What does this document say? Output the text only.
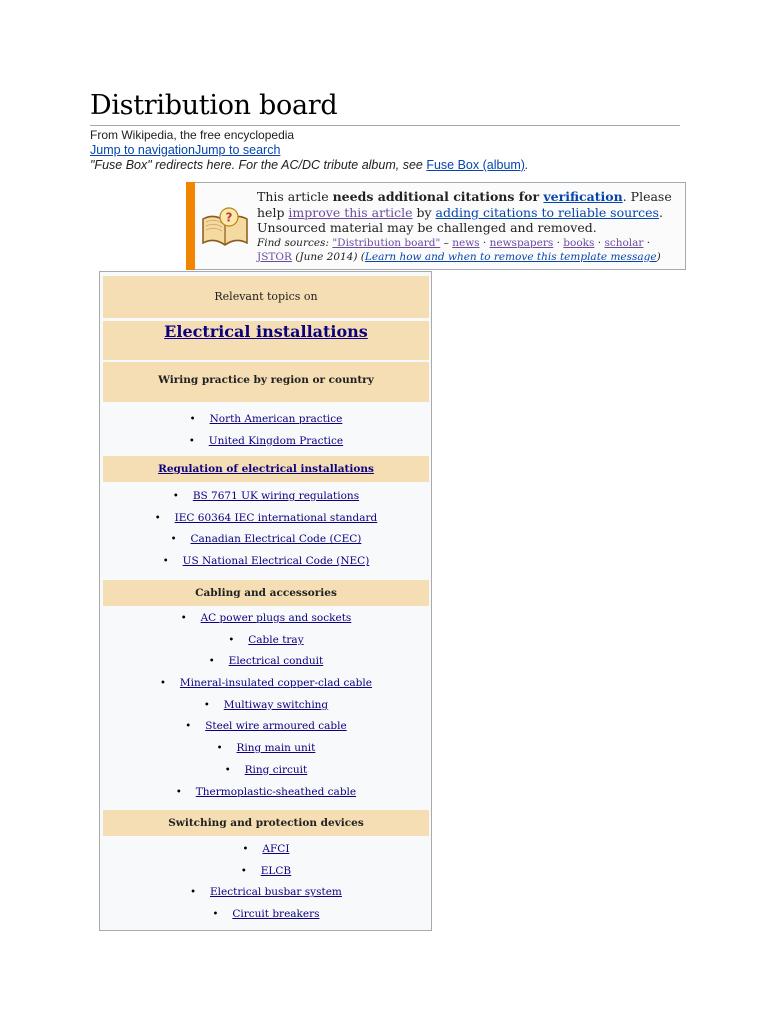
Distribution board
From Wikipedia, the free encyclopedia
Jump to navigationJump to search
"Fuse Box" redirects here. For the AC/DC tribute album, see Fuse Box (album).
?
This article needs additional citations for verification. Please help improve this article by adding citations to reliable sources. Unsourced material may be challenged and removed.
Find sources: "Distribution board" – news · newspapers · books · scholar · JSTOR (June 2014) (Learn how and when to remove this template message)
Relevant topics on
Electrical installations
Wiring practice by region or country
• North American practice
• United Kingdom Practice
Regulation of electrical installations
• BS 7671 UK wiring regulations
• IEC 60364 IEC international standard
• Canadian Electrical Code (CEC)
• US National Electrical Code (NEC)
Cabling and accessories
• AC power plugs and sockets
• Cable tray
• Electrical conduit
• Mineral-insulated copper-clad cable
• Multiway switching
• Steel wire armoured cable
• Ring main unit
• Ring circuit
• Thermoplastic-sheathed cable
Switching and protection devices
• AFCI
• ELCB
• Electrical busbar system
• Circuit breakers
